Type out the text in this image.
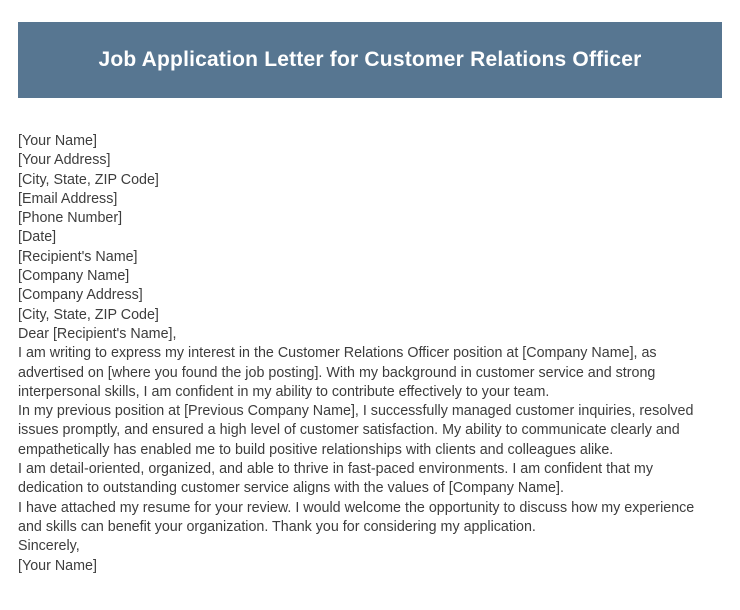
Job Application Letter for Customer Relations Officer

[Your Name]

[Your Address]

[City, State, ZIP Code]

[Email Address]

[Phone Number]

[Date]

[Recipient's Name]

[Company Name]

[Company Address]

[City, State, ZIP Code]

Dear [Recipient's Name],

I am writing to express my interest in the Customer Relations Officer position at [Company Name], as advertised on [where you found the job posting]. With my background in customer service and strong interpersonal skills, I am confident in my ability to contribute effectively to your team.

In my previous position at [Previous Company Name], I successfully managed customer inquiries, resolved issues promptly, and ensured a high level of customer satisfaction. My ability to communicate clearly and empathetically has enabled me to build positive relationships with clients and colleagues alike.

I am detail-oriented, organized, and able to thrive in fast-paced environments. I am confident that my dedication to outstanding customer service aligns with the values of [Company Name].

I have attached my resume for your review. I would welcome the opportunity to discuss how my experience and skills can benefit your organization. Thank you for considering my application.

Sincerely,

[Your Name]
